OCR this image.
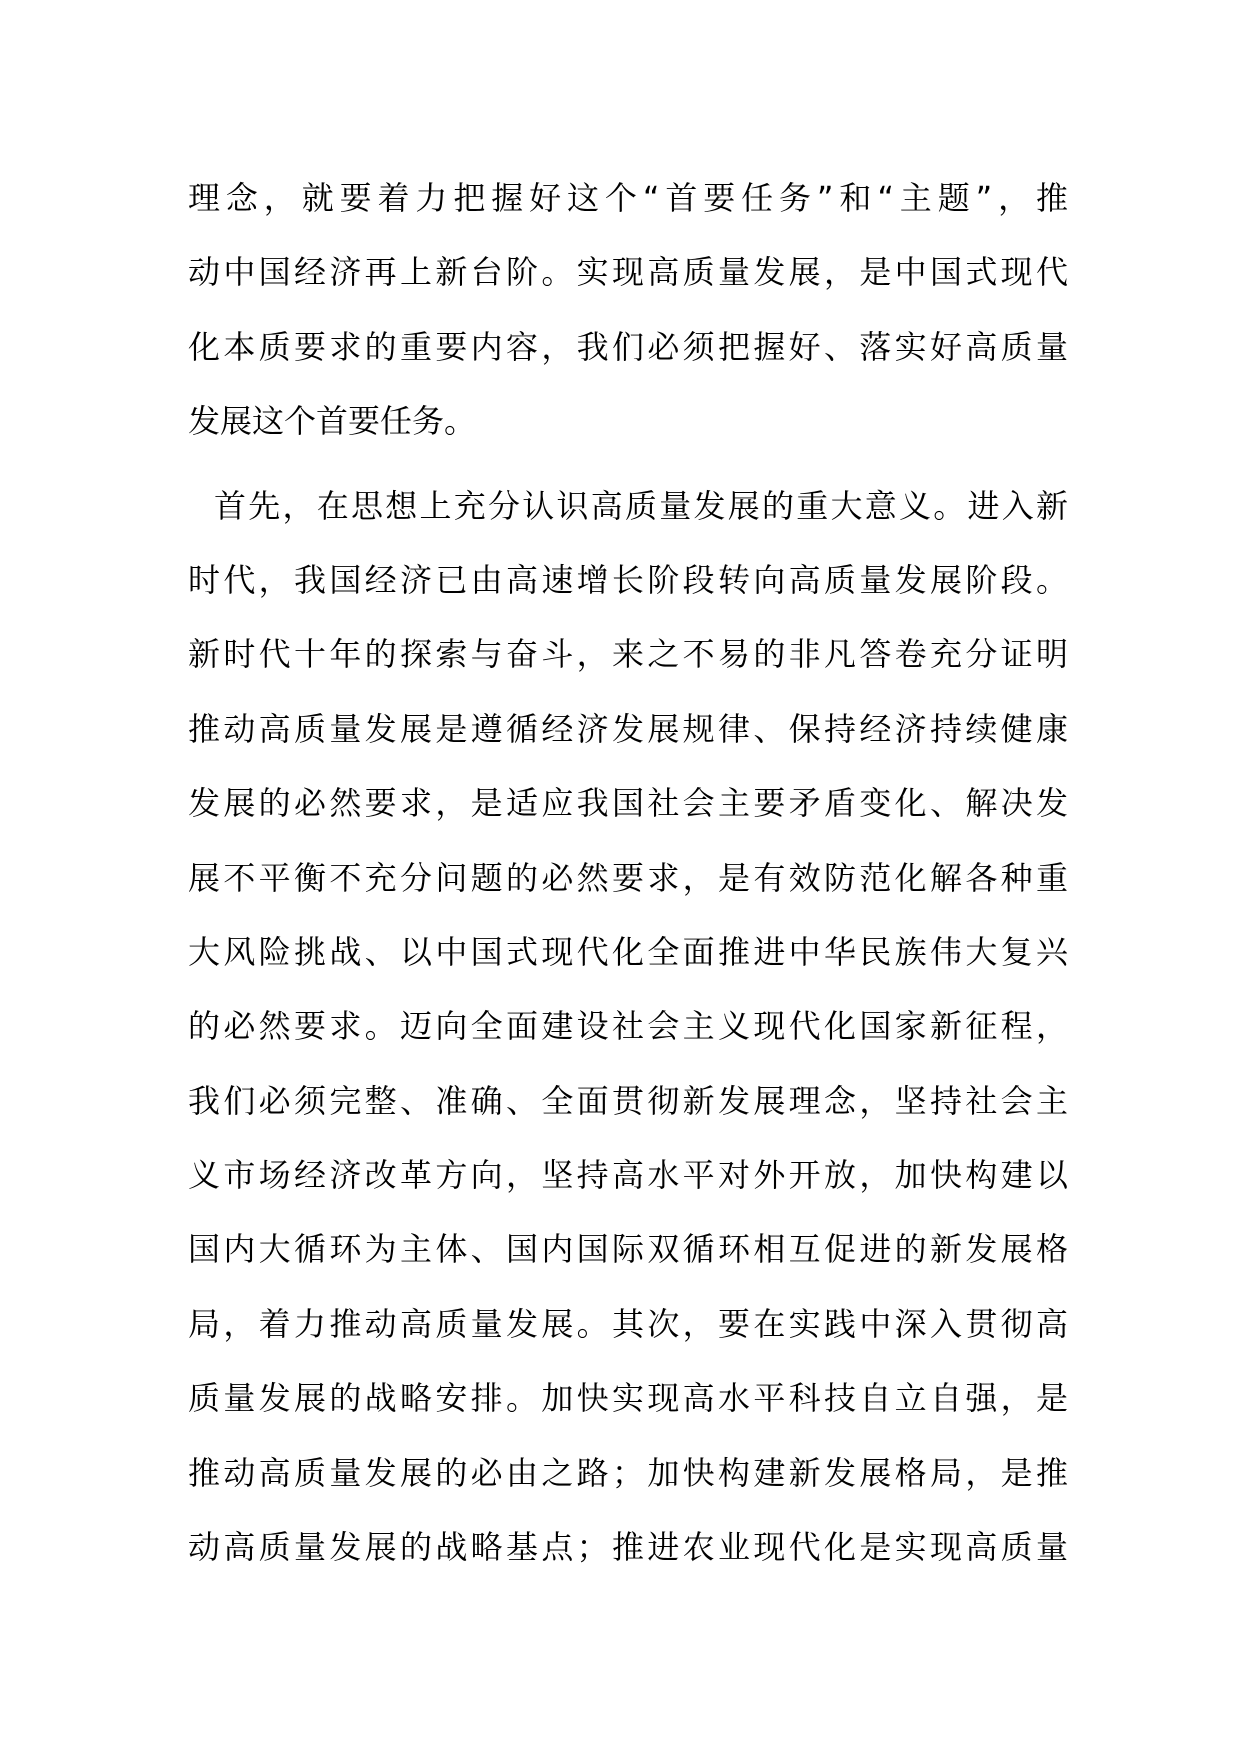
理念，就要着力把握好这个“首要任务”和“主题”，推
动中国经济再上新台阶。实现高质量发展，是中国式现代
化本质要求的重要内容，我们必须把握好、落实好高质量
发展这个首要任务。
首先，在思想上充分认识高质量发展的重大意义。进入新
时代，我国经济已由高速增长阶段转向高质量发展阶段。
新时代十年的探索与奋斗，来之不易的非凡答卷充分证明
推动高质量发展是遵循经济发展规律、保持经济持续健康
发展的必然要求，是适应我国社会主要矛盾变化、解决发
展不平衡不充分问题的必然要求，是有效防范化解各种重
大风险挑战、以中国式现代化全面推进中华民族伟大复兴
的必然要求。迈向全面建设社会主义现代化国家新征程，
我们必须完整、准确、全面贯彻新发展理念，坚持社会主
义市场经济改革方向，坚持高水平对外开放，加快构建以
国内大循环为主体、国内国际双循环相互促进的新发展格
局，着力推动高质量发展。其次，要在实践中深入贯彻高
质量发展的战略安排。加快实现高水平科技自立自强，是
推动高质量发展的必由之路；加快构建新发展格局，是推
动高质量发展的战略基点；推进农业现代化是实现高质量
